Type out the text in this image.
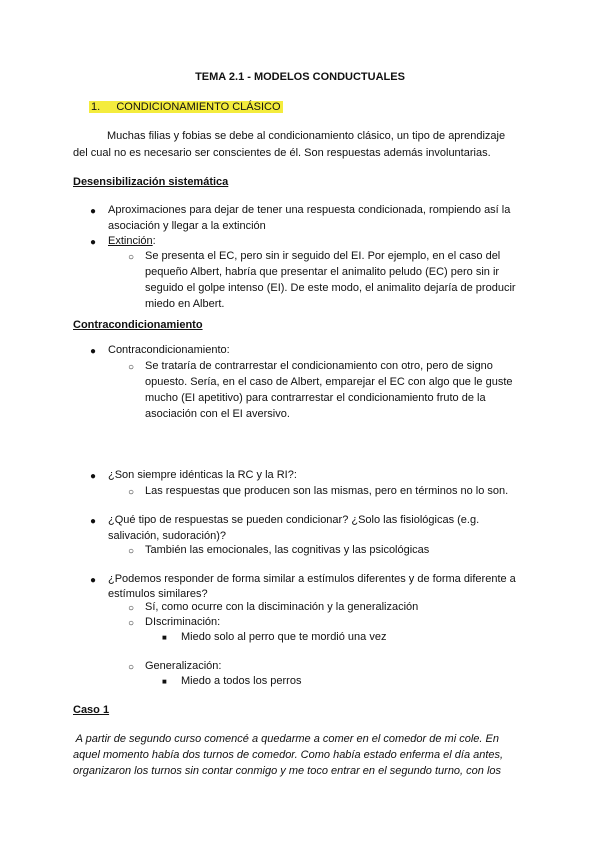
TEMA 2.1 - MODELOS CONDUCTUALES
1. CONDICIONAMIENTO CLÁSICO
Muchas filias y fobias se debe al condicionamiento clásico, un tipo de aprendizaje
del cual no es necesario ser conscientes de él. Son respuestas además involuntarias.
Desensibilización sistemática
● Aproximaciones para dejar de tener una respuesta condicionada, rompiendo así la
asociación y llegar a la extinción
● Extinción:
○ Se presenta el EC, pero sin ir seguido del EI. Por ejemplo, en el caso del
pequeño Albert, habría que presentar el animalito peludo (EC) pero sin ir
seguido el golpe intenso (EI). De este modo, el animalito dejaría de producir
miedo en Albert.
Contracondicionamiento
● Contracondicionamiento:
○ Se trataría de contrarrestar el condicionamiento con otro, pero de signo
opuesto. Sería, en el caso de Albert, emparejar el EC con algo que le guste
mucho (EI apetitivo) para contrarrestar el condicionamiento fruto de la
asociación con el EI aversivo.
● ¿Son siempre idénticas la RC y la RI?:
○ Las respuestas que producen son las mismas, pero en términos no lo son.
● ¿Qué tipo de respuestas se pueden condicionar? ¿Solo las fisiológicas (e.g.
salivación, sudoración)?
○ También las emocionales, las cognitivas y las psicológicas
● ¿Podemos responder de forma similar a estímulos diferentes y de forma diferente a
estímulos similares?
○ Sí, como ocurre con la disciminación y la generalización
○ DIscriminación:
■ Miedo solo al perro que te mordió una vez
○ Generalización:
■ Miedo a todos los perros
Caso 1
A partir de segundo curso comencé a quedarme a comer en el comedor de mi cole. En
aquel momento había dos turnos de comedor. Como había estado enferma el día antes,
organizaron los turnos sin contar conmigo y me toco entrar en el segundo turno, con los
